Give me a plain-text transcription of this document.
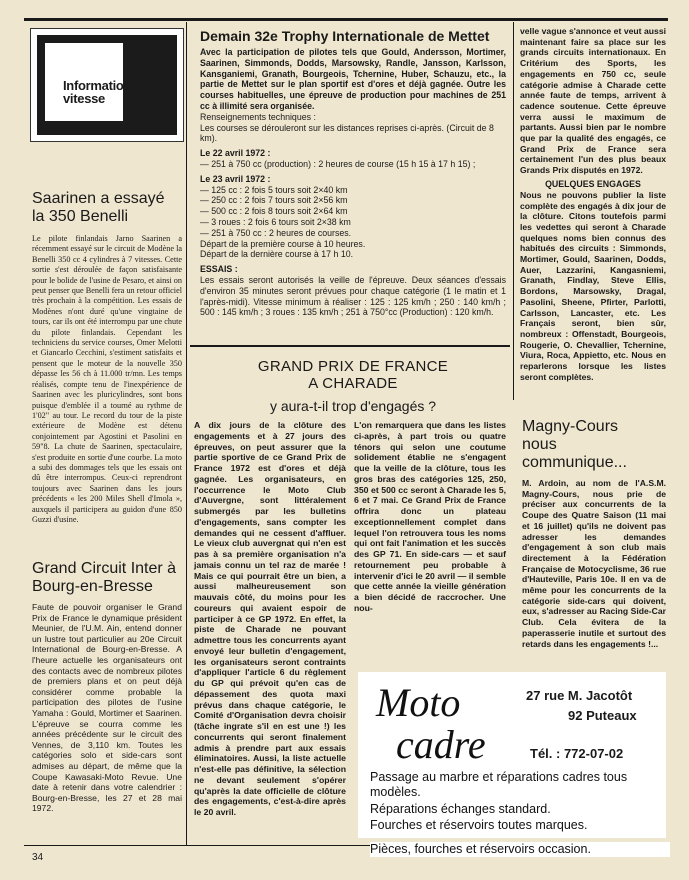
Informations
vitesse
Saarinen a essayé
la 350 Benelli

Le pilote finlandais Jarno Saarinen a récemment essayé sur le circuit de Modène la Benelli 350 cc 4 cylindres à 7 vitesses. Cette sortie s'est déroulée de façon satisfaisante pour le bolide de l'usine de Pesaro, et ainsi on peut penser que Benelli fera un retour officiel très prochain à la compétition. Les essais de Modènes n'ont duré qu'une vingtaine de tours, car ils ont été interrompu par une chute du pilote finlandais. Cependant les techniciens du service courses, Omer Melotti et Giancarlo Cecchini, s'estiment satisfaits et pensent que le moteur de la nouvelle 350 dépasse les 56 ch à 11.000 tr/mn. Les temps réalisés, compte tenu de l'inexpérience de Saarinen avec les pluricylindres, sont bons puisque d'emblée il a tourné au rythme de 1'02" au tour. Le record du tour de la piste extérieure de Modène est détenu conjointement par Agostini et Pasolini en 59"8. La chute de Saarinen, spectaculaire, s'est produite en sortie d'une courbe. La moto a subi des dommages tels que les essais ont dû être interrompus. Ceux-ci reprendront toujours avec Saarinen dans les jours précédents « les 200 Miles Shell d'Imola », auxquels il participera au guidon d'une 850 Guzzi d'usine.

Grand Circuit Inter à
Bourg-en-Bresse

Faute de pouvoir organiser le Grand Prix de France le dynamique président Meunier, de l'U.M. Ain, entend donner un lustre tout particulier au 20e Circuit International de Bourg-en-Bresse. A l'heure actuelle les organisateurs ont des contacts avec de nombreux pilotes de premiers plans et on peut déjà considérer comme probable la participation des pilotes de l'usine Yamaha : Gould, Mortimer et Saarinen. L'épreuve se courra comme les années précédente sur le circuit des Vennes, de 3,110 km. Toutes les catégories solo et side-cars sont admises au départ, de même que la Coupe Kawasaki-Moto Revue. Une date à retenir dans votre calendrier : Bourg-en-Bresse, les 27 et 28 mai 1972.

Demain 32e Trophy Internationale de Mettet

Avec la participation de pilotes tels que Gould, Andersson, Mortimer, Saarinen, Simmonds, Dodds, Marsowsky, Randle, Jansson, Karlsson, Kansganiemi, Granath, Bourgeois, Tchernine, Huber, Schauzu, etc., la partie de Mettet sur le plan sportif est d'ores et déjà gagnée. Outre les courses habituelles, une épreuve de production pour machines de 251 cc à illimité sera organisée.

Renseignements techniques :

Les courses se dérouleront sur les distances reprises ci-après. (Circuit de 8 km).

Le 22 avril 1972 :

— 251 à 750 cc (production) : 2 heures de course (15 h 15 à 17 h 15) ;

Le 23 avril 1972 :

— 125 cc : 2 fois 5 tours soit 2×40 km
— 250 cc : 2 fois 7 tours soit 2×56 km
— 500 cc : 2 fois 8 tours soit 2×64 km
— 3 roues : 2 fois 6 tours soit 2×38 km
— 251 à 750 cc : 2 heures de courses.
Départ de la première course à 10 heures.
Départ de la dernière course à 17 h 10.

ESSAIS :

Les essais seront autorisés la veille de l'épreuve. Deux séances d'essais d'environ 35 minutes seront prévues pour chaque catégorie (1 le matin et 1 l'après-midi). Vitesse minimum à réaliser : 125 : 125 km/h ; 250 : 140 km/h ; 500 : 145 km/h ; 3 roues : 135 km/h ; 251 à 750°cc (Production) : 120 km/h.

velle vague s'annonce et veut aussi maintenant faire sa place sur les grands circuits internationaux. En Critérium des Sports, les engagements en 750 cc, seule catégorie admise à Charade cette année faute de temps, arrivent à cadence soutenue. Cette épreuve verra aussi le maximum de partants. Aussi bien par le nombre que par la qualité des engagés, ce Grand Prix de France sera certainement l'un des plus beaux Grands Prix disputés en 1972.

QUELQUES ENGAGES

Nous ne pouvons publier la liste complète des engagés à dix jour de la clôture. Citons toutefois parmi les vedettes qui seront à Charade quelques noms bien connus des habitués des circuits : Simmonds, Mortimer, Gould, Saarinen, Dodds, Auer, Lazzarini, Kangasniemi, Granath, Findlay, Steve Ellis, Bordons, Marsowsky, Dragal, Pasolini, Sheene, Pfirter, Parlotti, Carlsson, Lancaster, etc. Les Français seront, bien sûr, nombreux : Offenstadt, Bourgeois, Rougerie, O. Chevallier, Tchernine, Viura, Roca, Appietto, etc. Nous en reparlerons lorsque les listes seront complètes.

GRAND PRIX DE FRANCE
A CHARADE
y aura-t-il trop d'engagés ?

A dix jours de la clôture des engagements et à 27 jours des épreuves, on peut assurer que la partie sportive de ce Grand Prix de France 1972 est d'ores et déjà gagnée. Les organisateurs, en l'occurrence le Moto Club d'Auvergne, sont littéralement submergés par les bulletins d'engagements, sans compter les demandes qui ne cessent d'affluer. Le vieux club auvergnat qui n'en est pas à sa première organisation n'a jamais connu un tel raz de marée ! Mais ce qui pourrait être un bien, a aussi malheureusement son mauvais côté, du moins pour les coureurs qui avaient espoir de participer à ce GP 1972. En effet, la piste de Charade ne pouvant admettre tous les concurrents ayant envoyé leur bulletin d'engagement, les organisateurs seront contraints d'appliquer l'article 6 du règlement du GP qui prévoit qu'en cas de dépassement des quota maxi prévus dans chaque catégorie, le Comité d'Organisation devra choisir (tâche ingrate s'il en est une !) les concurrents qui seront finalement admis à prendre part aux essais éliminatoires. Aussi, la liste actuelle n'est-elle pas définitive, la sélection ne devant seulement s'opérer qu'après la date officielle de clôture des engagements, c'est-à-dire après le 20 avril.

L'on remarquera que dans les listes ci-après, à part trois ou quatre ténors qui selon une coutume solidement établie ne s'engagent que la veille de la clôture, tous les gros bras des catégories 125, 250, 350 et 500 cc seront à Charade les 5, 6 et 7 mai. Ce Grand Prix de France offrira donc un plateau exceptionnellement complet dans lequel l'on retrouvera tous les noms qui ont fait l'animation et les succès des GP 71. En side-cars — et sauf retournement peu probable à intervenir d'ici le 20 avril — il semble que cette année la vieille génération a bien décidé de raccrocher. Une nou-

Magny-Cours
nous communique...

M. Ardoin, au nom de l'A.S.M. Magny-Cours, nous prie de préciser aux concurrents de la Coupe des Quatre Saison (11 mai et 16 juillet) qu'ils ne doivent pas adresser les demandes d'engagement à son club mais directement à la Fédération Française de Motocyclisme, 36 rue d'Hauteville, Paris 10e. Il en va de même pour les concurrents de la catégorie side-cars qui doivent, eux, s'adresser au Racing Side-Car Club. Cela évitera de la paperasserie inutile et surtout des retards dans les engagements !...

Moto
cadre
27 rue M. Jacotôt
92 Puteaux
Tél. : 772-07-02
Passage au marbre et réparations cadres tous modèles.
Réparations échanges standard.
Fourches et réservoirs toutes marques.
Pièces, fourches et réservoirs occasion.
34
